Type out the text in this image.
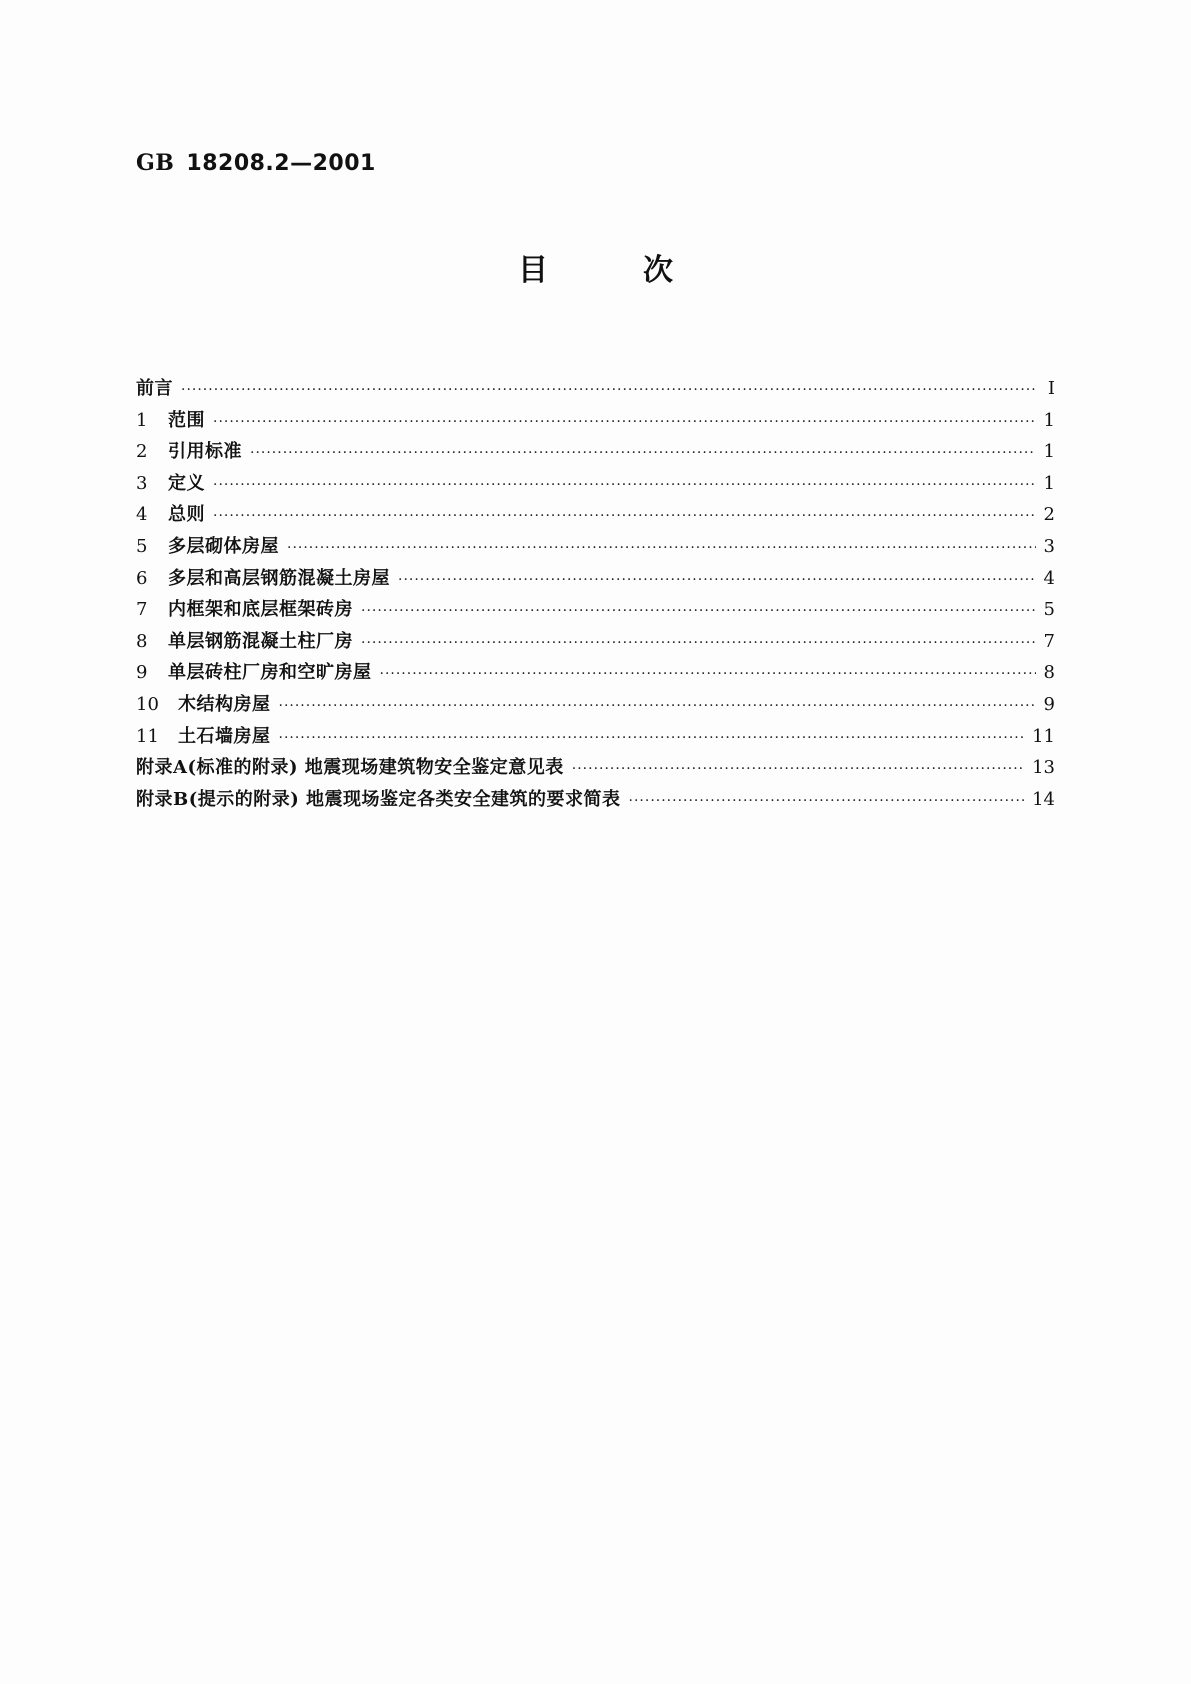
GB 18208.2—2001
目	次
前言 ·····	I
1	范围 ·····	1
2	引用标准 ·····	1
3	定义 ·····	1
4	总则 ·····	2
5	多层砌体房屋 ·····	3
6	多层和高层钢筋混凝土房屋 ·····	4
7	内框架和底层框架砖房 ·····	5
8	单层钢筋混凝土柱厂房 ·····	7
9	单层砖柱厂房和空旷房屋 ·····	8
10	木结构房屋 ·····	9
11	土石墙房屋 ·····	11
附录A(标准的附录) 地震现场建筑物安全鉴定意见表 ·····	13
附录B(提示的附录) 地震现场鉴定各类安全建筑的要求简表 ·····	14
